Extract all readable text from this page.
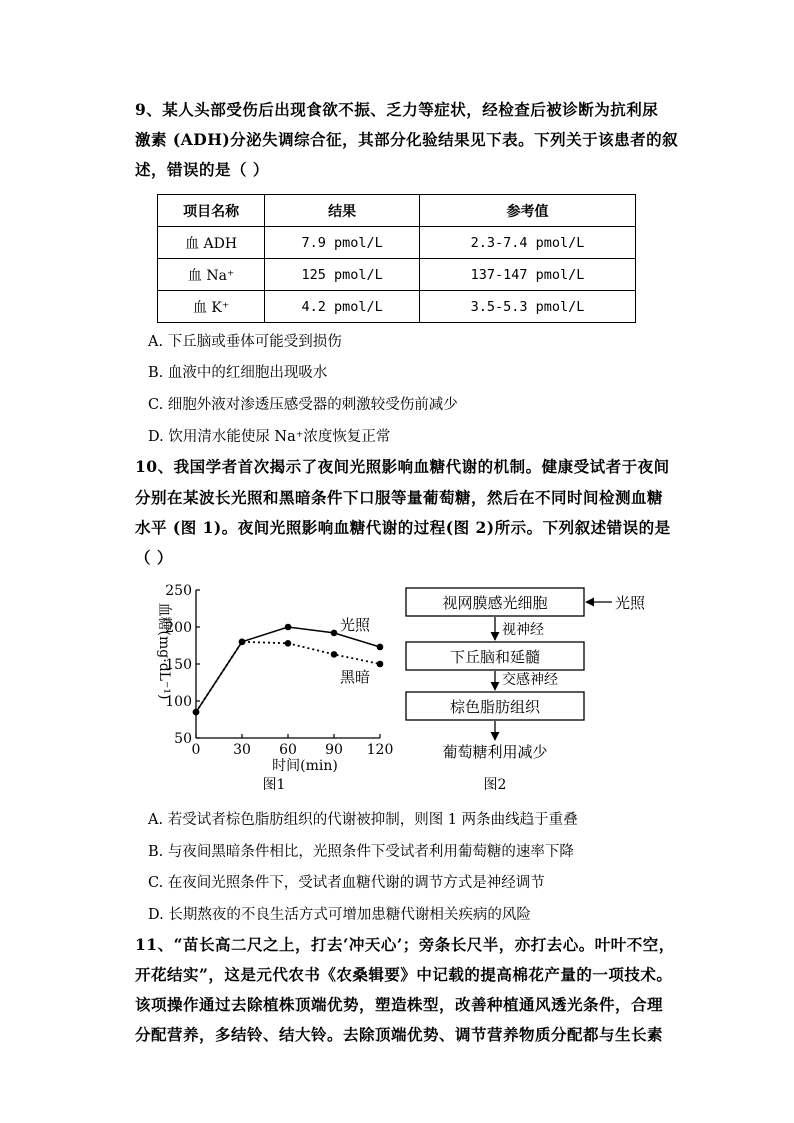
9、某人头部受伤后出现食欲不振、乏力等症状，经检查后被诊断为抗利尿
激素 (ADH)分泌失调综合征，其部分化验结果见下表。下列关于该患者的叙
述，错误的是（ ）
项目名称	结果	参考值
血 ADH	7.9 pmol/L	2.3-7.4 pmol/L
血 Na⁺	125 pmol/L	137-147 pmol/L
血 K⁺	4.2 pmol/L	3.5-5.3 pmol/L
A. 下丘脑或垂体可能受到损伤
B. 血液中的红细胞出现吸水
C. 细胞外液对渗透压感受器的刺激较受伤前减少
D. 饮用清水能使尿 Na⁺浓度恢复正常
10、我国学者首次揭示了夜间光照影响血糖代谢的机制。健康受试者于夜间
分别在某波长光照和黑暗条件下口服等量葡萄糖，然后在不同时间检测血糖
水平 (图 1)。夜间光照影响血糖代谢的过程(图 2)所示。下列叙述错误的是
（ ）
50
100
150
200
250
0 30 60 90 120
光照
黑暗
血糖(mg·dL⁻¹)
时间(min)
图1
视网膜感光细胞	光照
视神经
下丘脑和延髓
交感神经
棕色脂肪组织
葡萄糖利用减少
图2
A. 若受试者棕色脂肪组织的代谢被抑制，则图 1 两条曲线趋于重叠
B. 与夜间黑暗条件相比，光照条件下受试者利用葡萄糖的速率下降
C. 在夜间光照条件下，受试者血糖代谢的调节方式是神经调节
D. 长期熬夜的不良生活方式可增加患糖代谢相关疾病的风险
11、“苗长高二尺之上，打去‘冲天心’；旁条长尺半，亦打去心。叶叶不空，
开花结实”，这是元代农书《农桑辑要》中记载的提高棉花产量的一项技术。
该项操作通过去除植株顶端优势，塑造株型，改善种植通风透光条件，合理
分配营养，多结铃、结大铃。去除顶端优势、调节营养物质分配都与生长素
